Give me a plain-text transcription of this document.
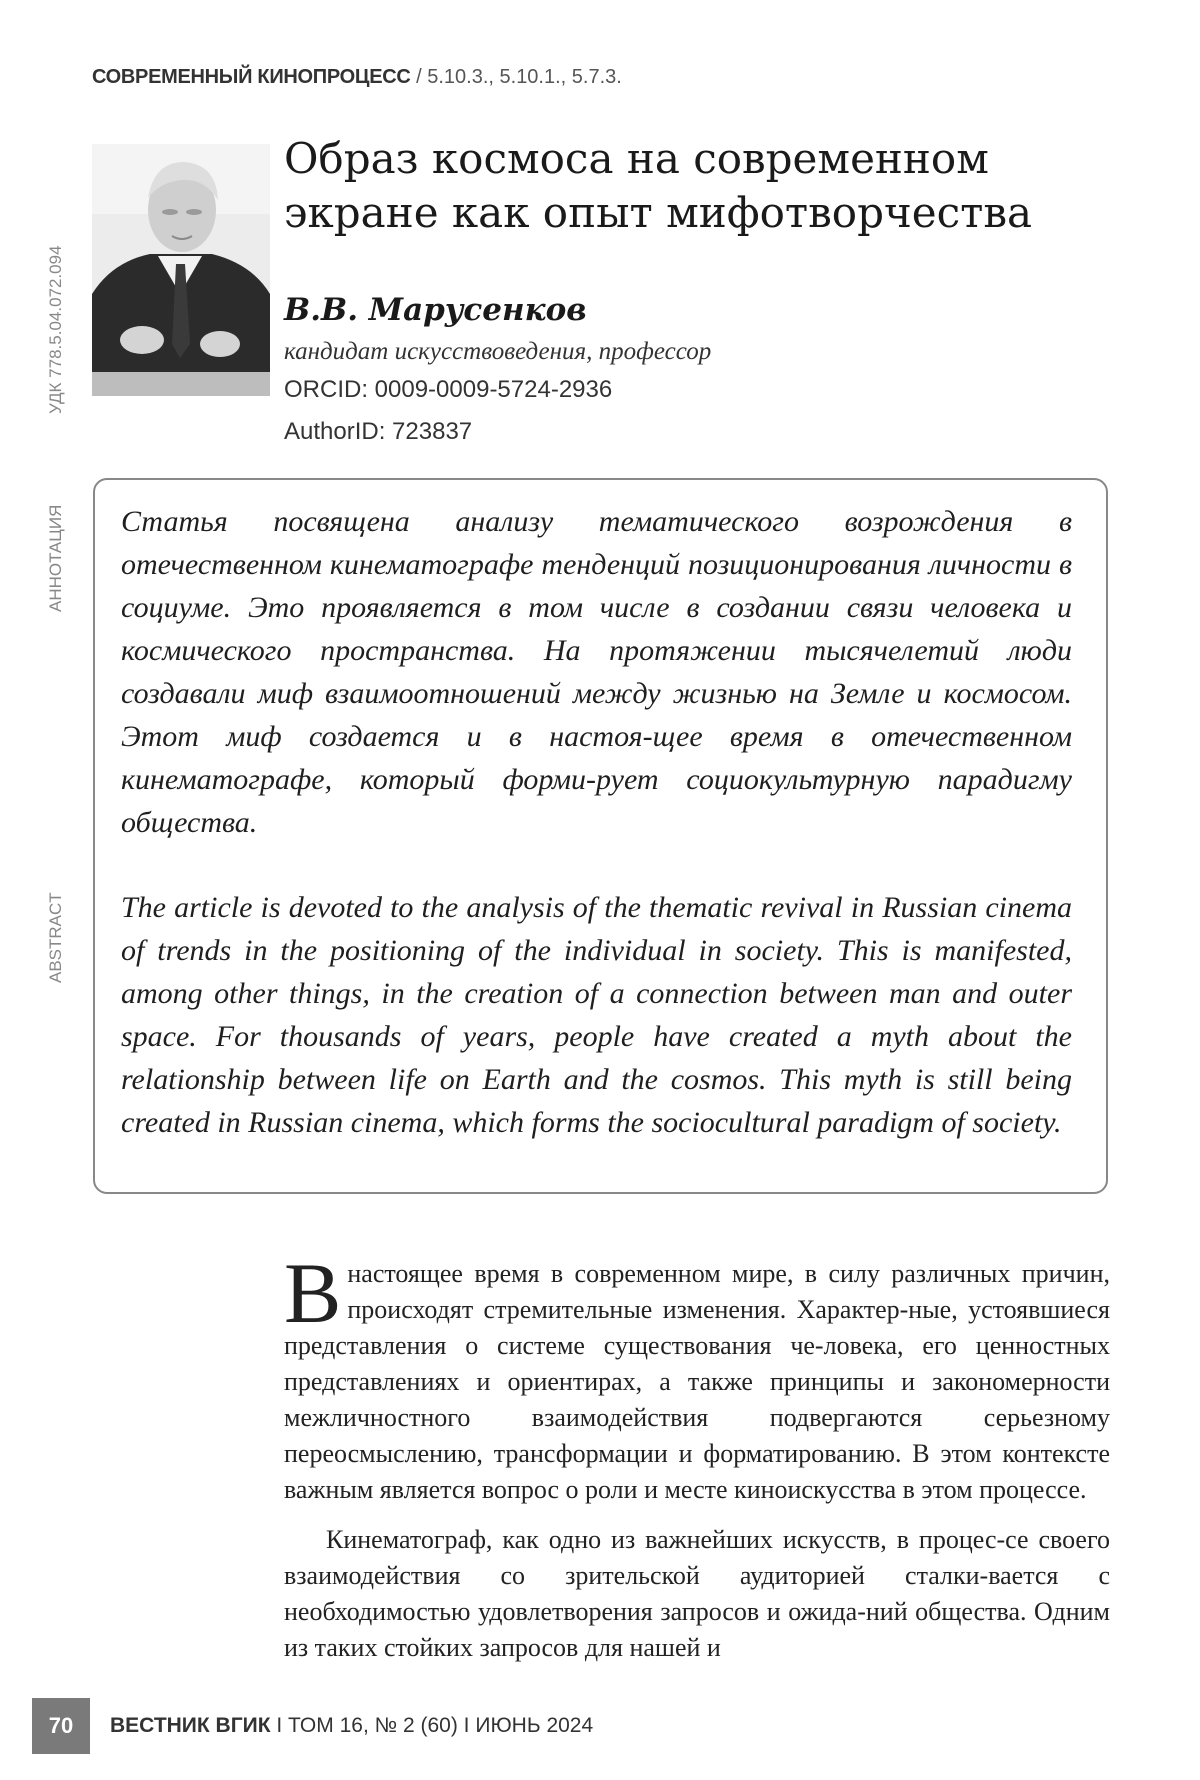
СОВРЕМЕННЫЙ КИНОПРОЦЕСС / 5.10.3., 5.10.1., 5.7.3.
УДК 778.5.04.072.094
АННОТАЦИЯ
ABSTRACT
Образ космоса на современном экране как опыт мифотворчества
В.В. Марусенков
кандидат искусствоведения, профессор
ORCID: 0009-0009-5724-2936
AuthorID: 723837

Статья посвящена анализу тематического возрождения в отечественном кинематографе тенденций позиционирования личности в социуме. Это проявляется в том числе в создании связи человека и космического пространства. На протяжении тысячелетий люди создавали миф взаимоотношений между жизнью на Земле и космосом. Этот миф создается и в настоя-щее время в отечественном кинематографе, который форми-рует социокультурную парадигму общества.

The article is devoted to the analysis of the thematic revival in Russian cinema of trends in the positioning of the individual in society. This is manifested, among other things, in the creation of a connection between man and outer space. For thousands of years, people have created a myth about the relationship between life on Earth and the cosmos. This myth is still being created in Russian cinema, which forms the sociocultural paradigm of society.

В настоящее время в современном мире, в силу различных причин, происходят стремительные изменения. Характер-ные, устоявшиеся представления о системе существования че-ловека, его ценностных представлениях и ориентирах, а также принципы и закономерности межличностного взаимодействия подвергаются серьезному переосмыслению, трансформации и форматированию. В этом контексте важным является вопрос о роли и месте киноискусства в этом процессе.

Кинематограф, как одно из важнейших искусств, в процес-се своего взаимодействия со зрительской аудиторией сталки-вается с необходимостью удовлетворения запросов и ожида-ний общества. Одним из таких стойких запросов для нашей и

70	ВЕСТНИК ВГИК I ТОМ 16, № 2 (60) I ИЮНЬ 2024
